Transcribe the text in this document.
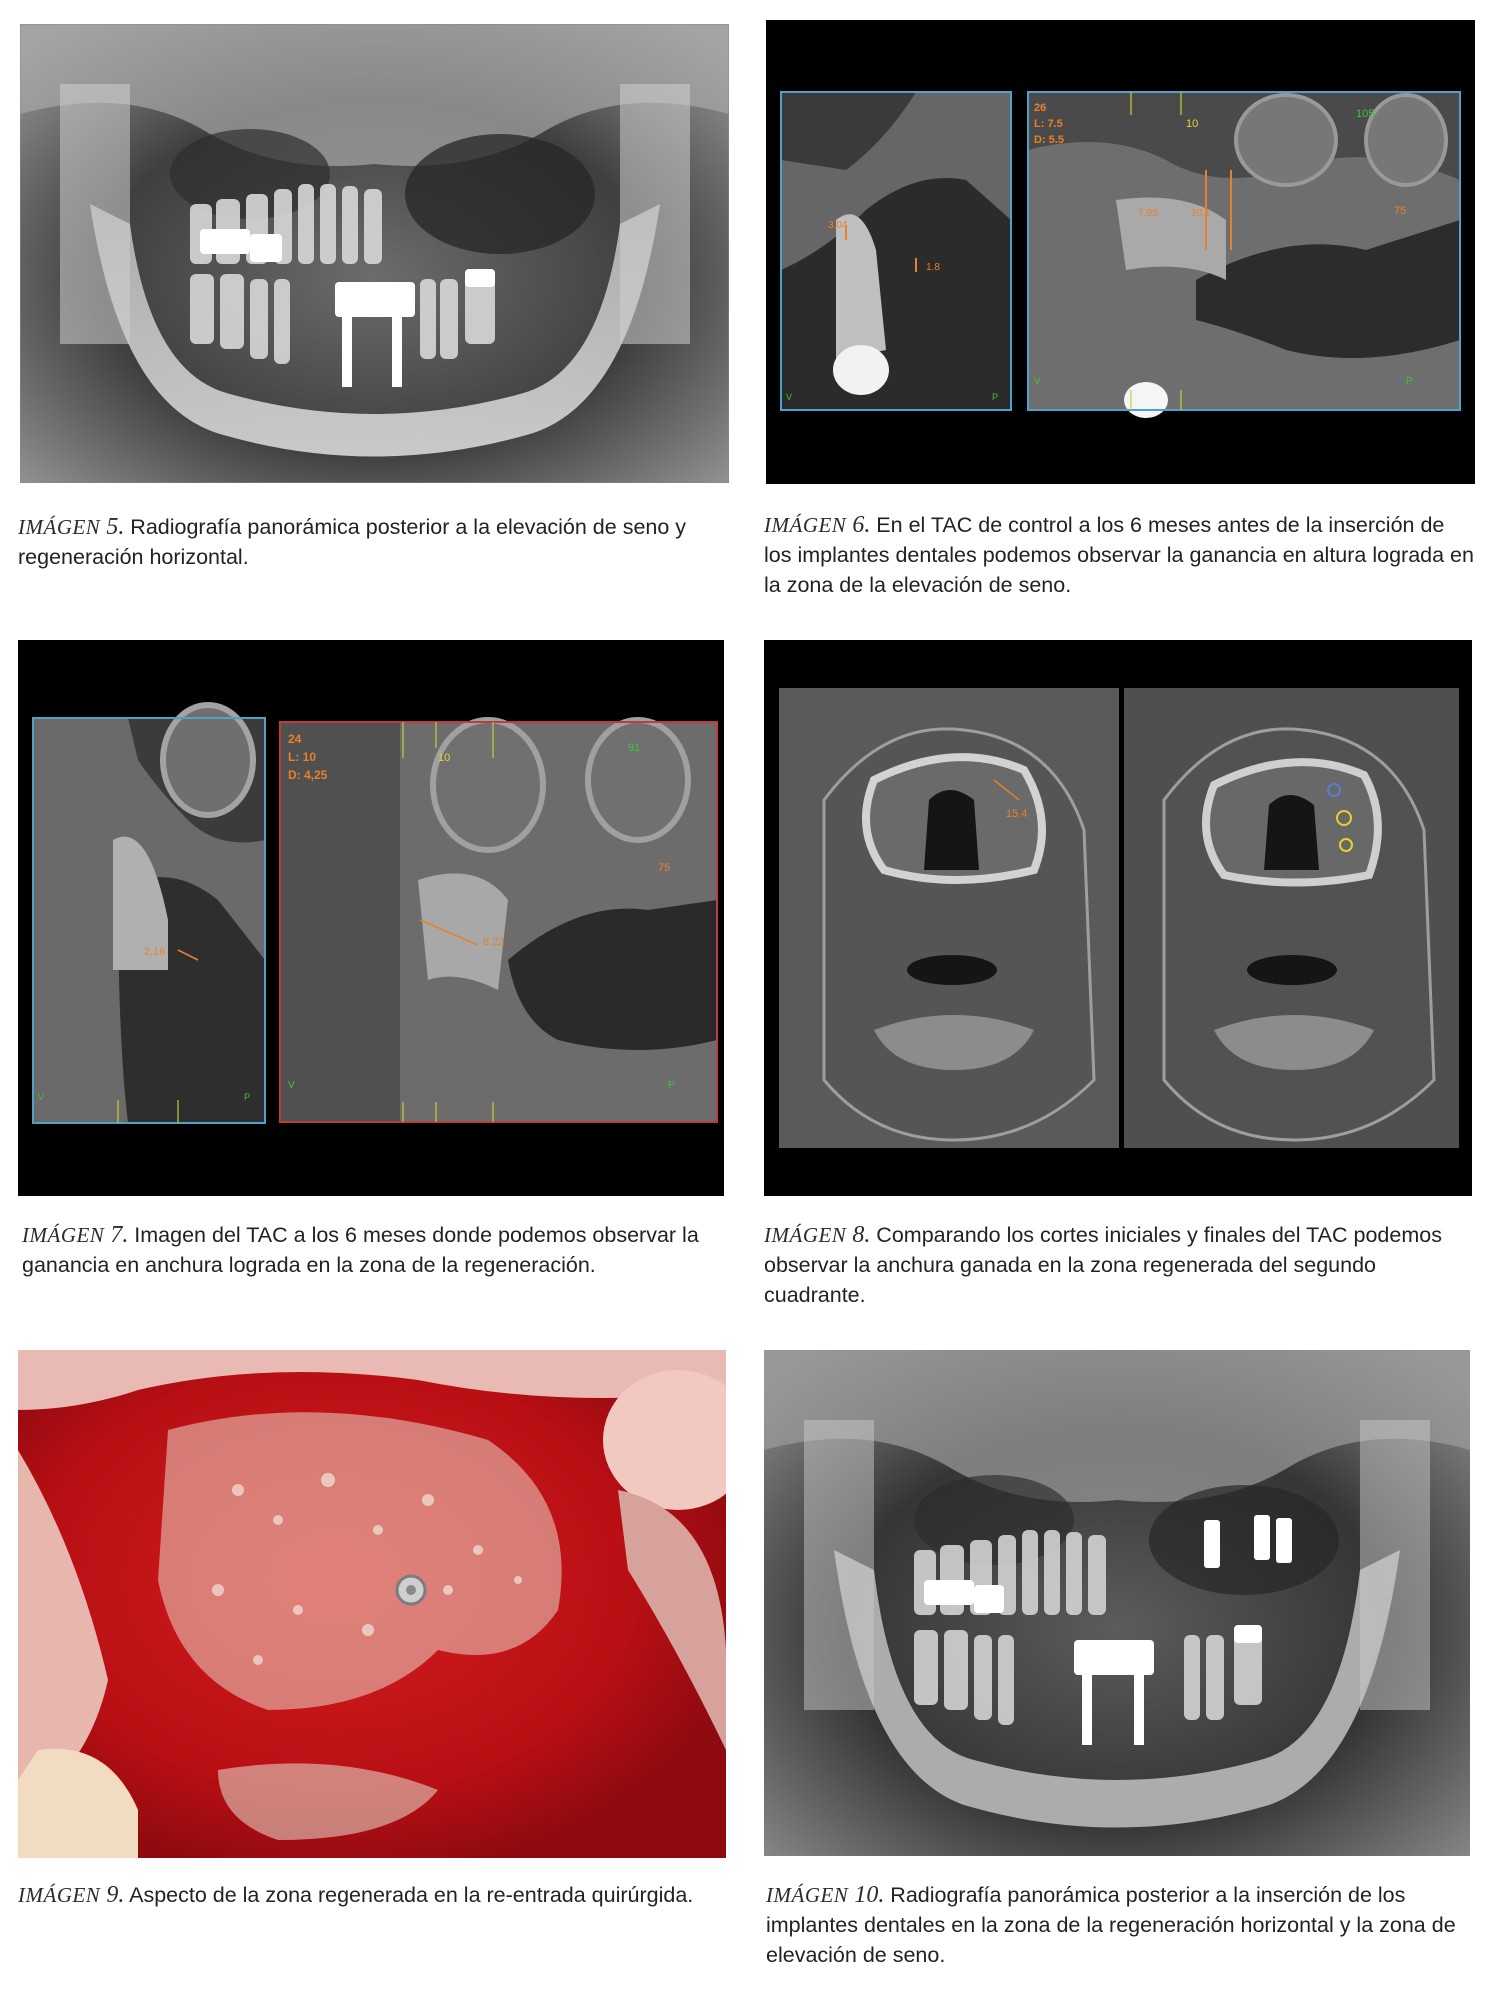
imágen 5. Radiografía panorámica posterior a la elevación de seno y regeneración horizontal.
3.04
1.8
26
L: 7.5
D: 5.5
10
105
75
7.93	10.1
V	P
V	P
imágen 6. En el TAC de control a los 6 meses antes de la inserción de los implantes dentales podemos observar la ganancia en altura lograda en la zona de la elevación de seno.
2,16
24
L: 10
D: 4,25
10
91
75
8.22
V	P
V	P
imágen 7. Imagen del TAC a los 6 meses donde podemos observar la ganancia en anchura lograda en la zona de la regeneración.
15.4
imágen 8. Comparando los cortes iniciales y finales del TAC podemos observar la anchura ganada en la zona regenerada del segundo cuadrante.
imágen 9. Aspecto de la zona regenerada en la re-entrada quirúrgida.	imágen 10. Radiografía panorámica posterior a la inserción de los implantes dentales en la zona de la regeneración horizontal y la zona de elevación de seno.
